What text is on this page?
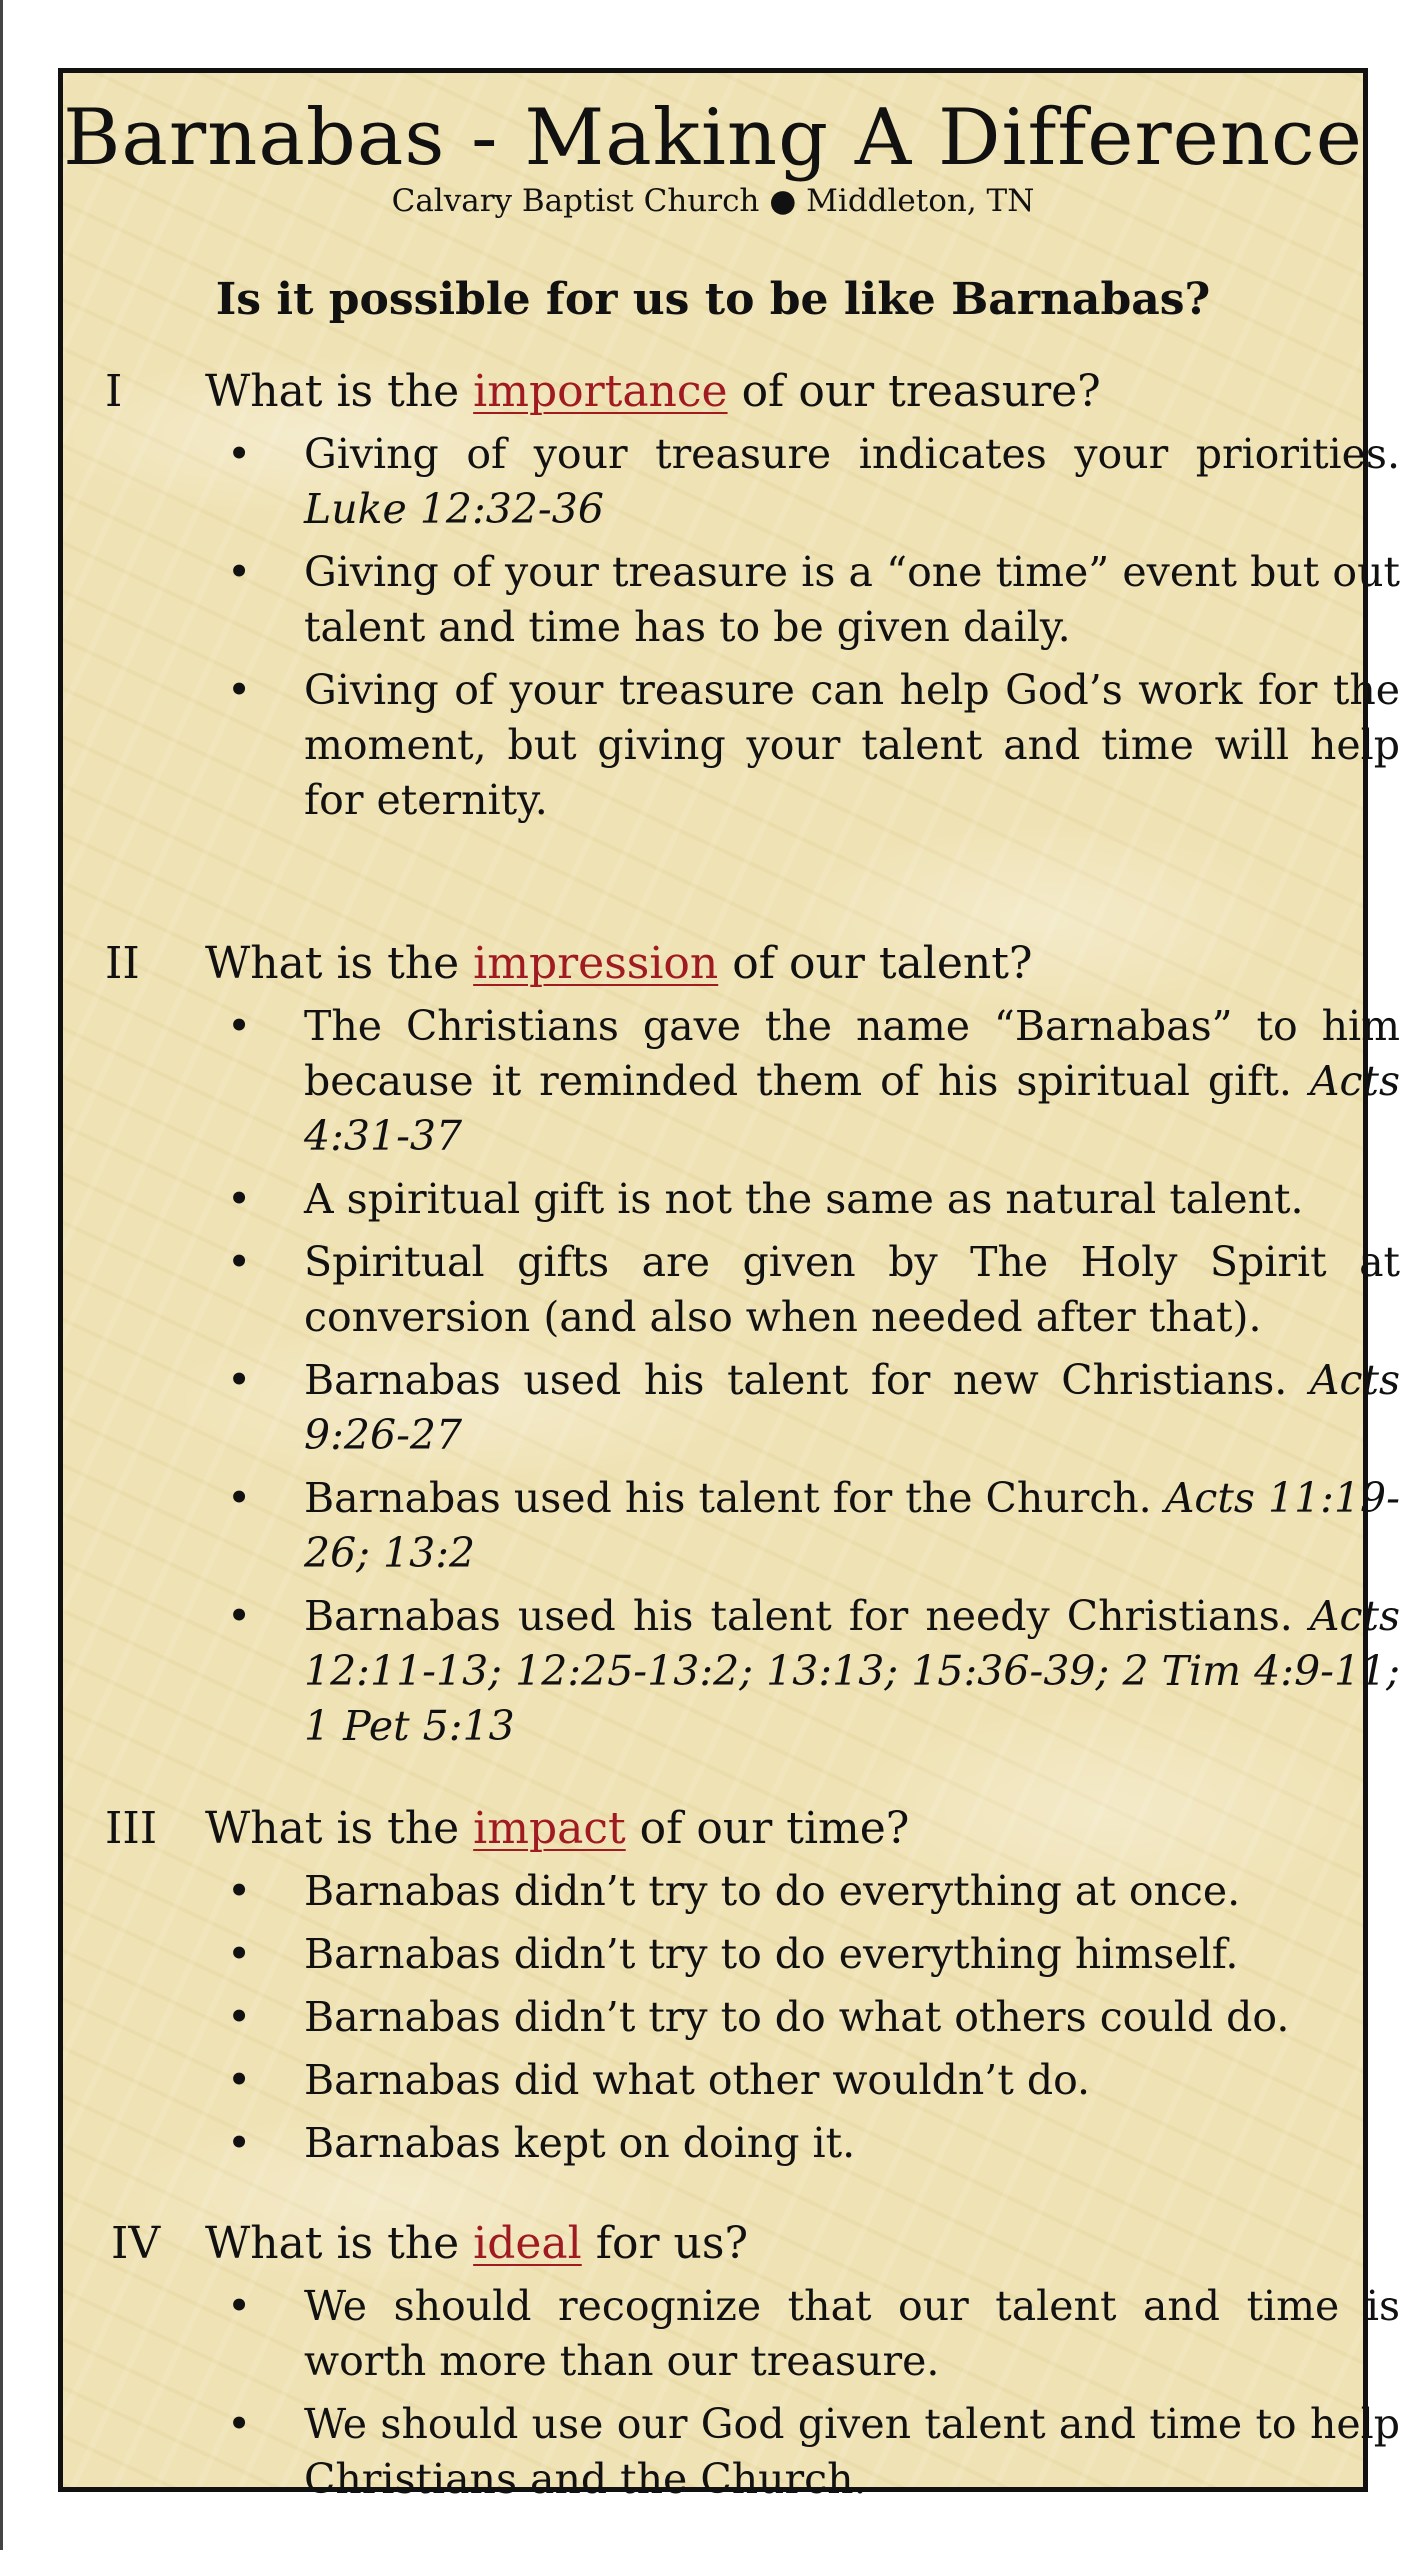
Barnabas - Making A Difference
Calvary Baptist Church ● Middleton, TN
Is it possible for us to be like Barnabas?
I What is the importance of our treasure?
• Giving of your treasure indicates your priorities. Luke 12:32-36
• Giving of your treasure is a “one time” event but out talent and time has to be given daily.
• Giving of your treasure can help God’s work for the moment, but giving your talent and time will help for eternity.
II What is the impression of our talent?
• The Christians gave the name “Barnabas” to him because it reminded them of his spiritual gift. Acts 4:31-37
• A spiritual gift is not the same as natural talent.
• Spiritual gifts are given by The Holy Spirit at conversion (and also when needed after that).
• Barnabas used his talent for new Christians. Acts 9:26-27
• Barnabas used his talent for the Church. Acts 11:19-26; 13:2
• Barnabas used his talent for needy Christians. Acts 12:11-13; 12:25-13:2; 13:13; 15:36-39; 2 Tim 4:9-11; 1 Pet 5:13
III What is the impact of our time?
• Barnabas didn’t try to do everything at once.
• Barnabas didn’t try to do everything himself.
• Barnabas didn’t try to do what others could do.
• Barnabas did what other wouldn’t do.
• Barnabas kept on doing it.
IV What is the ideal for us?
• We should recognize that our talent and time is worth more than our treasure.
• We should use our God given talent and time to help Christians and the Church.
